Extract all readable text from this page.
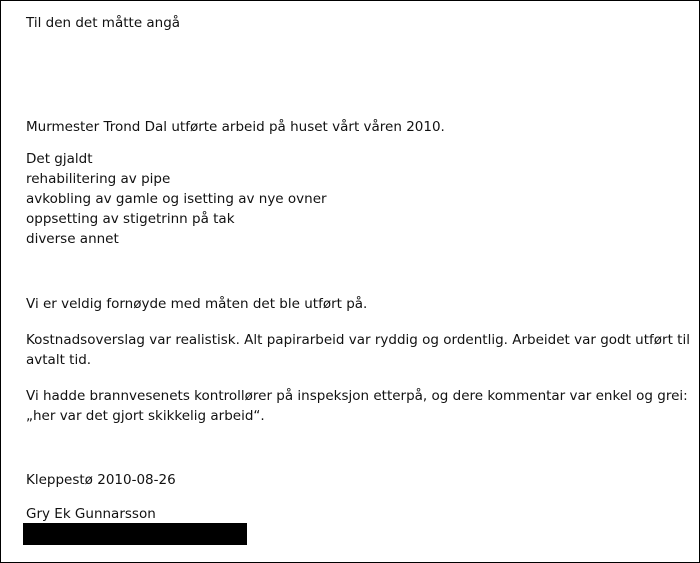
Til den det måtte angå
Murmester Trond Dal utførte arbeid på huset vårt våren 2010.
Det gjaldt
rehabilitering av pipe
avkobling av gamle og isetting av nye ovner
oppsetting av stigetrinn på tak
diverse annet
Vi er veldig fornøyde med måten det ble utført på.
Kostnadsoverslag var realistisk. Alt papirarbeid var ryddig og ordentlig. Arbeidet var godt utført til
avtalt tid.
Vi hadde brannvesenets kontrollører på inspeksjon etterpå, og dere kommentar var enkel og grei:
„her var det gjort skikkelig arbeid“.
Kleppestø 2010-08-26
Gry Ek Gunnarsson
